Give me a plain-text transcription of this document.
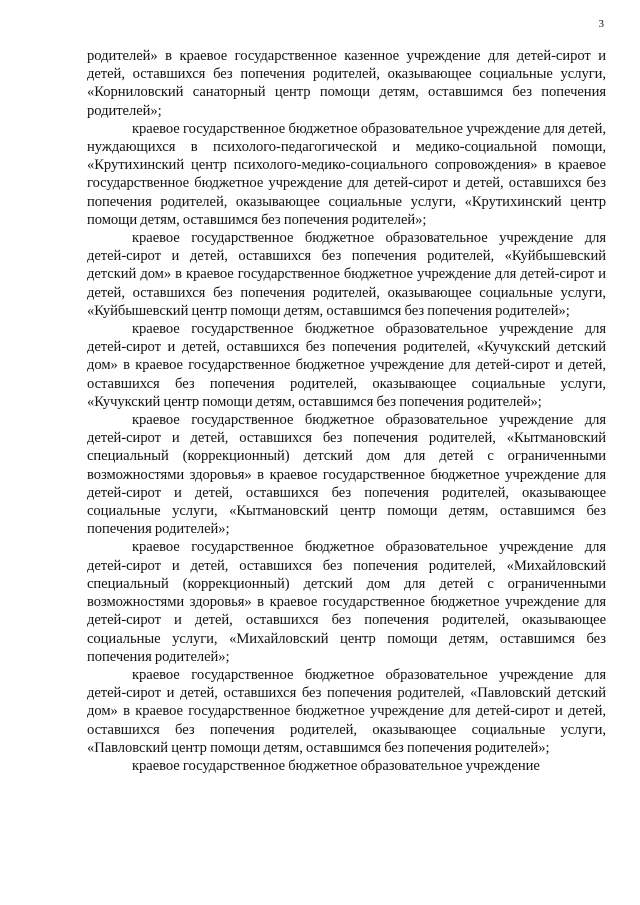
3

родителей» в краевое государственное казенное учреждение для детей-сирот и детей, оставшихся без попечения родителей, оказывающее социальные услуги, «Корниловский санаторный центр помощи детям, оставшимся без попечения родителей»;

краевое государственное бюджетное образовательное учреждение для детей, нуждающихся в психолого-педагогической и медико-социальной помощи, «Крутихинский центр психолого-медико-социального сопровождения» в краевое государственное бюджетное учреждение для детей-сирот и детей, оставшихся без попечения родителей, оказывающее социальные услуги, «Крутихинский центр помощи детям, оставшимся без попечения родителей»;

краевое государственное бюджетное образовательное учреждение для детей-сирот и детей, оставшихся без попечения родителей, «Куйбышевский детский дом» в краевое государственное бюджетное учреждение для детей-сирот и детей, оставшихся без попечения родителей, оказывающее социальные услуги, «Куйбышевский центр помощи детям, оставшимся без попечения родителей»;

краевое государственное бюджетное образовательное учреждение для детей-сирот и детей, оставшихся без попечения родителей, «Кучукский детский дом» в краевое государственное бюджетное учреждение для детей-сирот и детей, оставшихся без попечения родителей, оказывающее социальные услуги, «Кучукский центр помощи детям, оставшимся без попечения родителей»;

краевое государственное бюджетное образовательное учреждение для детей-сирот и детей, оставшихся без попечения родителей, «Кытмановский специальный (коррекционный) детский дом для детей с ограниченными возможностями здоровья» в краевое государственное бюджетное учреждение для детей-сирот и детей, оставшихся без попечения родителей, оказывающее социальные услуги, «Кытмановский центр помощи детям, оставшимся без попечения родителей»;

краевое государственное бюджетное образовательное учреждение для детей-сирот и детей, оставшихся без попечения родителей, «Михайловский специальный (коррекционный) детский дом для детей с ограниченными возможностями здоровья» в краевое государственное бюджетное учреждение для детей-сирот и детей, оставшихся без попечения родителей, оказывающее социальные услуги, «Михайловский центр помощи детям, оставшимся без попечения родителей»;

краевое государственное бюджетное образовательное учреждение для детей-сирот и детей, оставшихся без попечения родителей, «Павловский детский дом» в краевое государственное бюджетное учреждение для детей-сирот и детей, оставшихся без попечения родителей, оказывающее социальные услуги, «Павловский центр помощи детям, оставшимся без попечения родителей»;

краевое государственное бюджетное образовательное учреждение
